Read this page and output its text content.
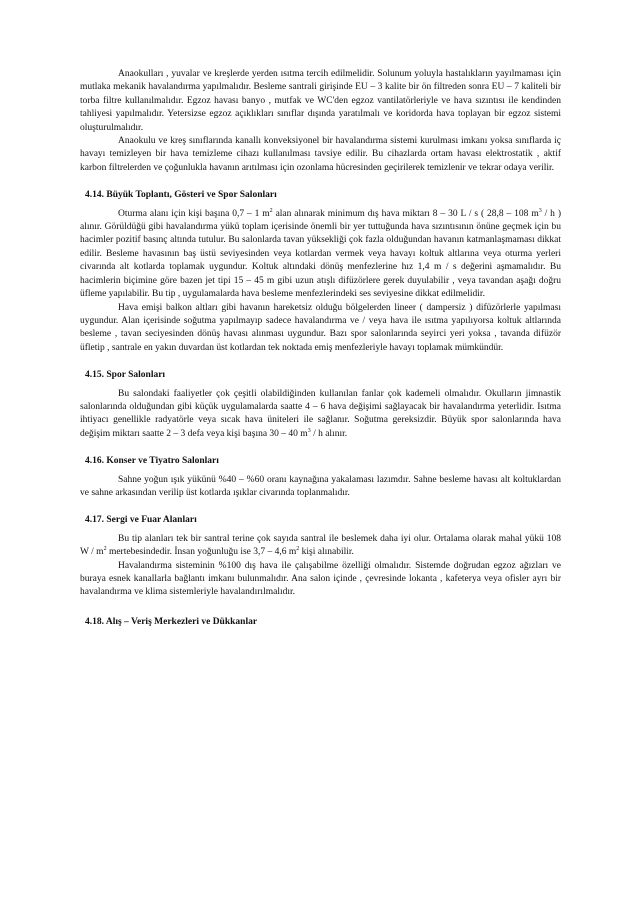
Anaokulları , yuvalar ve kreşlerde yerden ısıtma tercih edilmelidir. Solunum yoluyla hastalıkların yayılmaması için mutlaka mekanik havalandırma yapılmalıdır. Besleme santrali girişinde EU – 3 kalite bir ön filtreden sonra EU – 7 kaliteli bir torba filtre kullanılmalıdır. Egzoz havası banyo , mutfak ve WC'den egzoz vantilatörleriyle ve hava sızıntısı ile kendinden tahliyesi yapılmalıdır. Yetersizse egzoz açıklıkları sınıflar dışında yaratılmalı ve koridorda hava toplayan bir egzoz sistemi oluşturulmalıdır.

Anaokulu ve kreş sınıflarında kanallı konveksiyonel bir havalandırma sistemi kurulması imkanı yoksa sınıflarda iç havayı temizleyen bir hava temizleme cihazı kullanılması tavsiye edilir. Bu cihazlarda ortam havası elektrostatik , aktif karbon filtrelerden ve çoğunlukla havanın arıtılması için ozonlama hücresinden geçirilerek temizlenir ve tekrar odaya verilir.

4.14. Büyük Toplantı, Gösteri ve Spor Salonları

Oturma alanı için kişi başına 0,7 – 1 $m^2$ alan alınarak minimum dış hava miktarı 8 – 30 L / s ( 28,8 – 108 $m^3$ / h ) alınır. Görüldüğü gibi havalandırma yükü toplam içerisinde önemli bir yer tuttuğunda hava sızıntısının önüne geçmek için bu hacimler pozitif basınç altında tutulur. Bu salonlarda tavan yüksekliği çok fazla olduğundan havanın katmanlaşmaması dikkat edilir. Besleme havasının baş üstü seviyesinden veya kotlardan vermek veya havayı koltuk altlarına veya oturma yerleri civarında alt kotlarda toplamak uygundur. Koltuk altındaki dönüş menfezlerine hız 1,4 m / s değerini aşmamalıdır. Bu hacimlerin biçimine göre bazen jet tipi 15 – 45 m gibi uzun atışlı difüzörlere gerek duyulabilir , veya tavandan aşağı doğru üfleme yapılabilir. Bu tip , uygulamalarda hava besleme menfezlerindeki ses seviyesine dikkat edilmelidir.

Hava emişi balkon altları gibi havanın hareketsiz olduğu bölgelerden lineer ( dampersiz ) difüzörlerle yapılması uygundur. Alan içerisinde soğutma yapılmayıp sadece havalandırma ve / veya hava ile ısıtma yapılıyorsa koltuk altlarında besleme , tavan seciyesinden dönüş havası alınması uygundur. Bazı spor salonlarında seyirci yeri yoksa , tavanda difüzör üfletip , santrale en yakın duvardan üst kotlardan tek noktada emiş menfezleriyle havayı toplamak mümkündür.

4.15. Spor Salonları

Bu salondaki faaliyetler çok çeşitli olabildiğinden kullanılan fanlar çok kademeli olmalıdır. Okulların jimnastik salonlarında olduğundan gibi küçük uygulamalarda saatte 4 – 6 hava değişimi sağlayacak bir havalandırma yeterlidir. Isıtma ihtiyacı genellikle radyatörle veya sıcak hava üniteleri ile sağlanır. Soğutma gereksizdir. Büyük spor salonlarında hava değişim miktarı saatte 2 – 3 defa veya kişi başına 30 – 40 $m^3$ / h alınır.

4.16. Konser ve Tiyatro Salonları

Sahne yoğun ışık yükünü %40 – %60 oranı kaynağına yakalaması lazımdır. Sahne besleme havası alt koltuklardan ve sahne arkasından verilip üst kotlarda ışıklar civarında toplanmalıdır.

4.17. Sergi ve Fuar Alanları

Bu tip alanları tek bir santral terine çok sayıda santral ile beslemek daha iyi olur. Ortalama olarak mahal yükü 108 W / $m^2$ mertebesindedir. İnsan yoğunluğu ise 3,7 – 4,6 $m^2$ kişi alınabilir.

Havalandırma sisteminin %100 dış hava ile çalışabilme özelliği olmalıdır. Sistemde doğrudan egzoz ağızları ve buraya esnek kanallarla bağlantı imkanı bulunmalıdır. Ana salon içinde , çevresinde lokanta , kafeterya veya ofisler ayrı bir havalandırma ve klima sistemleriyle havalandırılmalıdır.

4.18. Alış – Veriş Merkezleri ve Dükkanlar
